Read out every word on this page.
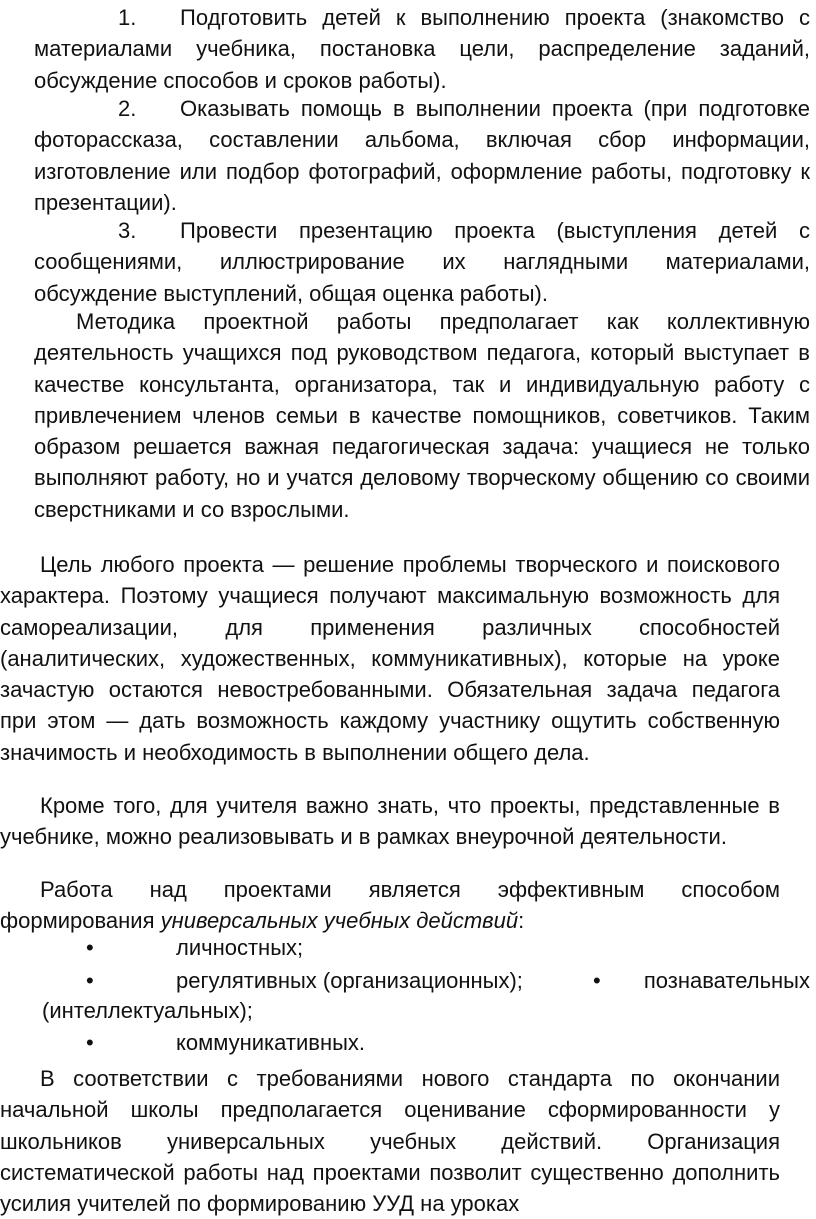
1. Подготовить детей к выполнению проекта (знакомство с материалами учебника, постановка цели, распределение заданий, обсуждение способов и сроков работы).

2. Оказывать помощь в выполнении проекта (при подготовке фоторассказа, составлении альбома, включая сбор информации, изготовление или подбор фотографий, оформление работы, подготовку к презентации).

3. Провести презентацию проекта (выступления детей с сообщениями, иллюстрирование их наглядными материалами, обсуждение выступлений, общая оценка работы).

Методика проектной работы предполагает как коллективную деятельность учащихся под руководством педагога, который выступает в качестве консультанта, организатора, так и индивидуальную работу с привлечением членов семьи в качестве помощников, советчиков. Таким образом решается важная педагогическая задача: учащиеся не только выполняют работу, но и учатся деловому творческому общению со своими сверстниками и со взрослыми.

Цель любого проекта — решение проблемы творческого и поискового характера. Поэтому учащиеся получают максимальную возможность для самореализации, для применения различных способностей (аналитических, художественных, коммуникативных), которые на уроке зачастую остаются невостребованными. Обязательная задача педагога при этом — дать возможность каждому участнику ощутить собственную значимость и необходимость в выполнении общего дела.

Кроме того, для учителя важно знать, что проекты, представленные в учебнике, можно реализовывать и в рамках внеурочной деятельности.

Работа над проектами является эффективным способом формирования универсальных учебных действий:

•	личностных;
•	регулятивных (организационных);	• познавательных

(интеллектуальных);

•	коммуникативных.

В соответствии с требованиями нового стандарта по окончании начальной школы предполагается оценивание сформированности у школьников универсальных учебных действий. Организация систематической работы над проектами позволит существенно дополнить усилия учителей по формированию УУД на уроках
